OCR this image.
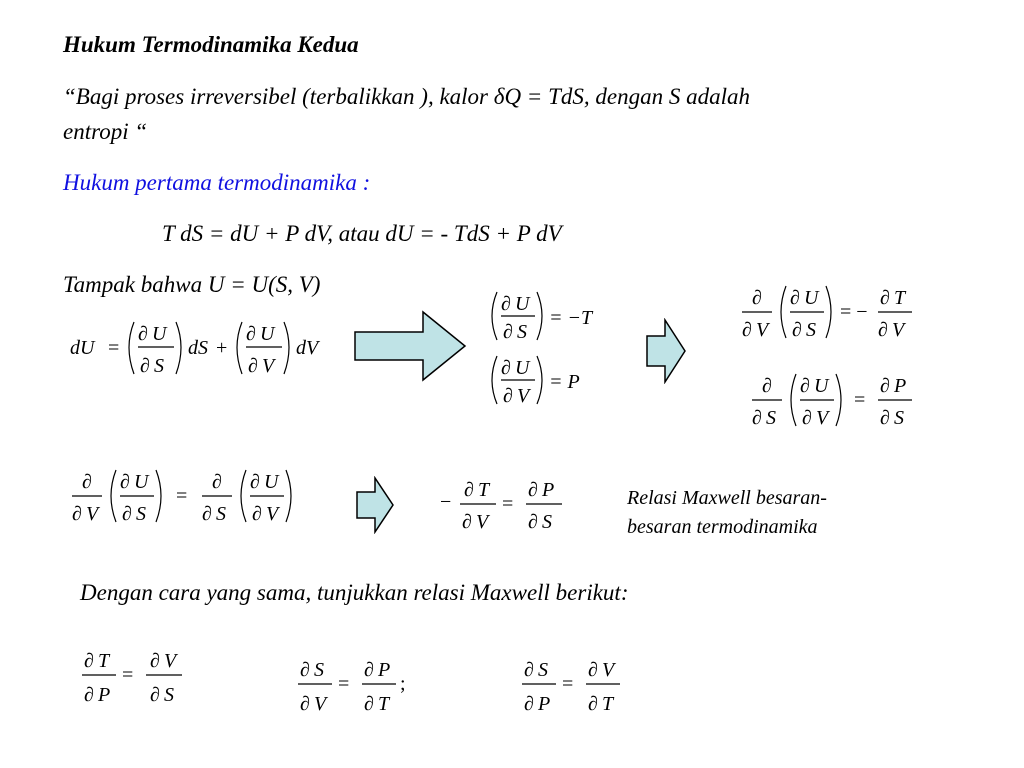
Hukum Termodinamika Kedua
“Bagi proses irreversibel (terbalikkan ), kalor δQ = TdS, dengan S adalah
entropi “
Hukum pertama termodinamika :
T dS = dU + P dV, atau dU = - TdS + P dV
Tampak bahwa U = U(S, V)
Relasi Maxwell besaran-
besaran termodinamika
Dengan cara yang sama, tunjukkan relasi Maxwell berikut:
dU =
∂ U
∂ S
dS +
∂ U
∂ V
dV
∂ U
∂ S
= −T
∂ U
∂ V
= P
∂
∂ V
∂ U
∂ S
= −
∂ T
∂ V
∂
∂ S
∂ U
∂ V
=
∂ P
∂ S
∂
∂ V
∂ U
∂ S
=
∂
∂ S
∂ U
∂ V
−
∂ T
∂ V
=
∂ P
∂ S
∂ T
∂ P
=
∂ V
∂ S
∂ S
∂ V
=
∂ P
∂ T
;
∂ S
∂ P
=
∂ V
∂ T
